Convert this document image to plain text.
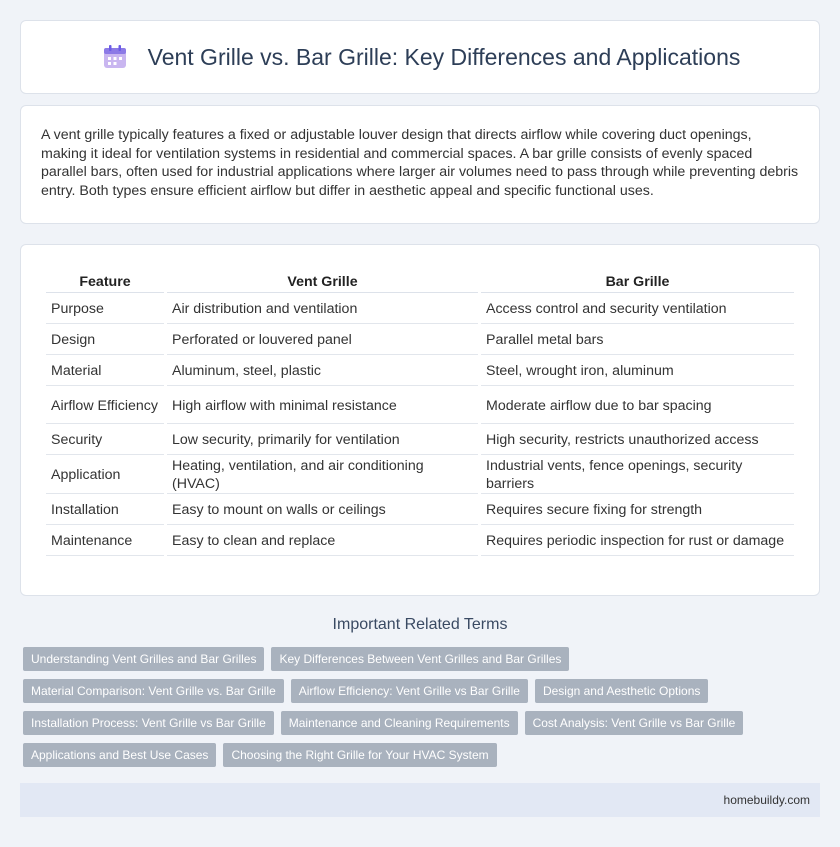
Vent Grille vs. Bar Grille: Key Differences and Applications

A vent grille typically features a fixed or adjustable louver design that directs airflow while covering duct openings, making it ideal for ventilation systems in residential and commercial spaces. A bar grille consists of evenly spaced parallel bars, often used for industrial applications where larger air volumes need to pass through while preventing debris entry. Both types ensure efficient airflow but differ in aesthetic appeal and specific functional uses.

Feature	Vent Grille	Bar Grille
Purpose	Air distribution and ventilation	Access control and security ventilation
Design	Perforated or louvered panel	Parallel metal bars
Material	Aluminum, steel, plastic	Steel, wrought iron, aluminum
Airflow Efficiency	High airflow with minimal resistance	Moderate airflow due to bar spacing
Security	Low security, primarily for ventilation	High security, restricts unauthorized access
Application	Heating, ventilation, and air conditioning (HVAC)	Industrial vents, fence openings, security barriers
Installation	Easy to mount on walls or ceilings	Requires secure fixing for strength
Maintenance	Easy to clean and replace	Requires periodic inspection for rust or damage
Important Related Terms
Understanding Vent Grilles and Bar Grilles	Key Differences Between Vent Grilles and Bar Grilles
Material Comparison: Vent Grille vs. Bar Grille	Airflow Efficiency: Vent Grille vs Bar Grille	Design and Aesthetic Options
Installation Process: Vent Grille vs Bar Grille	Maintenance and Cleaning Requirements	Cost Analysis: Vent Grille vs Bar Grille
Applications and Best Use Cases	Choosing the Right Grille for Your HVAC System
homebuildy.com
